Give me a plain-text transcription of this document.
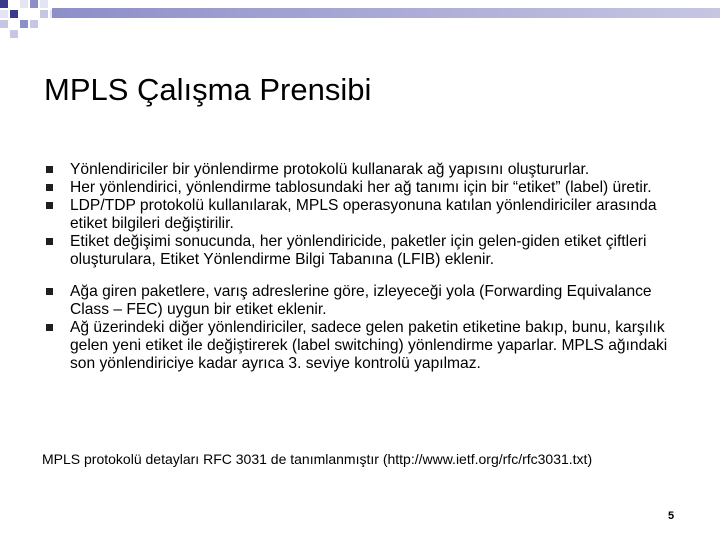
MPLS Çalışma Prensibi
Yönlendiriciler bir yönlendirme protokolü kullanarak ağ yapısını oluştururlar.
Her yönlendirici, yönlendirme tablosundaki her ağ tanımı için bir “etiket” (label) üretir.
LDP/TDP protokolü kullanılarak, MPLS operasyonuna katılan yönlendiriciler arasında etiket bilgileri değiştirilir.
Etiket değişimi sonucunda, her yönlendiricide, paketler için gelen-giden etiket çiftleri oluşturulara, Etiket Yönlendirme Bilgi Tabanına (LFIB) eklenir.
Ağa giren paketlere, varış adreslerine göre, izleyeceği yola (Forwarding Equivalance Class – FEC) uygun bir etiket eklenir.
Ağ üzerindeki diğer yönlendiriciler, sadece gelen paketin etiketine bakıp, bunu, karşılık gelen yeni etiket ile değiştirerek (label switching) yönlendirme yaparlar. MPLS ağındaki son yönlendiriciye kadar ayrıca 3. seviye kontrolü yapılmaz.
MPLS protokolü detayları RFC 3031 de tanımlanmıştır (http://www.ietf.org/rfc/rfc3031.txt)
5
